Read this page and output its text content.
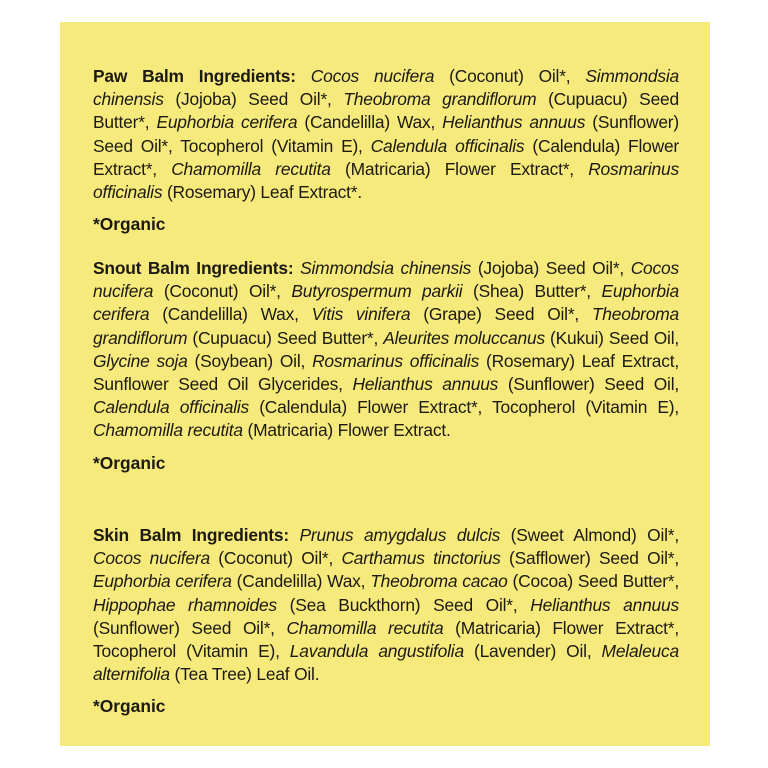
Paw Balm Ingredients: Cocos nucifera (Coconut) Oil*, Simmondsia chinensis (Jojoba) Seed Oil*, Theobroma grandiflorum (Cupuacu) Seed Butter*, Euphorbia cerifera (Candelilla) Wax, Helianthus annuus (Sunflower) Seed Oil*, Tocopherol (Vitamin E), Calendula officinalis (Calendula) Flower Extract*, Chamomilla recutita (Matricaria) Flower Extract*, Rosmarinus officinalis (Rosemary) Leaf Extract*.

*Organic

Snout Balm Ingredients: Simmondsia chinensis (Jojoba) Seed Oil*, Cocos nucifera (Coconut) Oil*, Butyrospermum parkii (Shea) Butter*, Euphorbia cerifera (Candelilla) Wax, Vitis vinifera (Grape) Seed Oil*, Theobroma grandiflorum (Cupuacu) Seed Butter*, Aleurites moluccanus (Kukui) Seed Oil, Glycine soja (Soybean) Oil, Rosmarinus officinalis (Rosemary) Leaf Extract, Sunflower Seed Oil Glycerides, Helianthus annuus (Sunflower) Seed Oil, Calendula officinalis (Calendula) Flower Extract*, Tocopherol (Vitamin E), Chamomilla recutita (Matricaria) Flower Extract.

*Organic

Skin Balm Ingredients: Prunus amygdalus dulcis (Sweet Almond) Oil*, Cocos nucifera (Coconut) Oil*, Carthamus tinctorius (Safflower) Seed Oil*, Euphorbia cerifera (Candelilla) Wax, Theobroma cacao (Cocoa) Seed Butter*, Hippophae rhamnoides (Sea Buckthorn) Seed Oil*, Helianthus annuus (Sunflower) Seed Oil*, Chamomilla recutita (Matricaria) Flower Extract*, Tocopherol (Vitamin E), Lavandula angustifolia (Lavender) Oil, Melaleuca alternifolia (Tea Tree) Leaf Oil.

*Organic
